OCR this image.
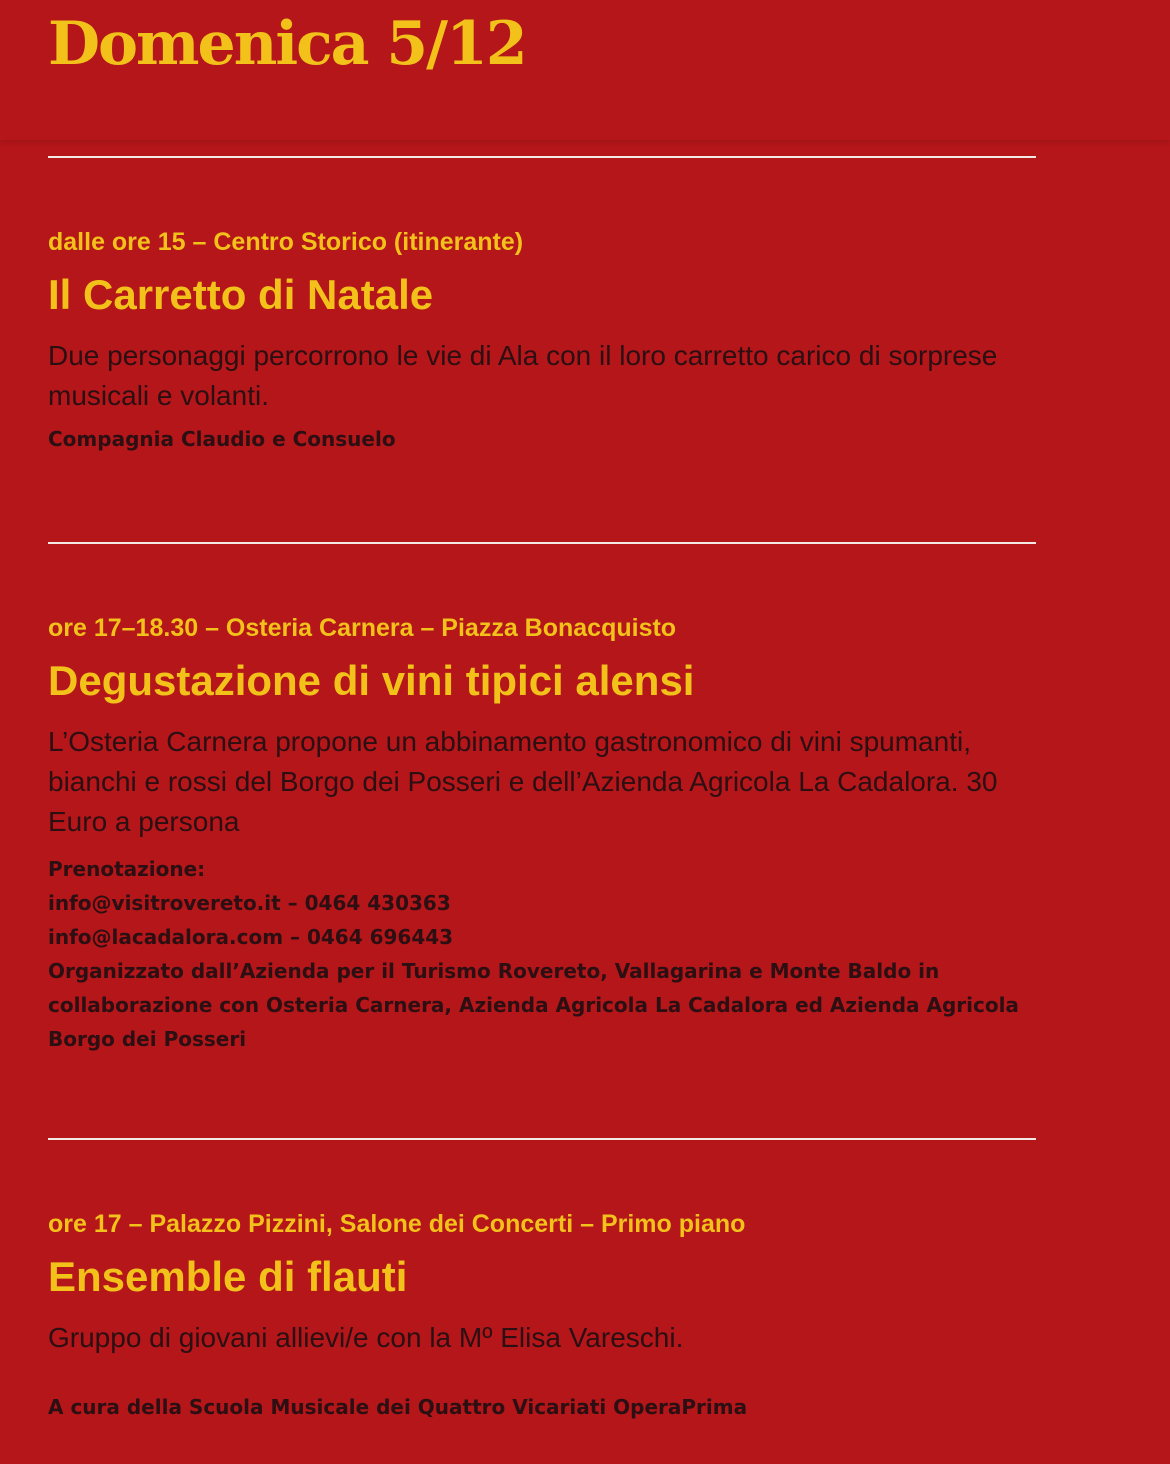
Domenica 5/12

dalle ore 15 – Centro Storico (itinerante)

Il Carretto di Natale

Due personaggi percorrono le vie di Ala con il loro carretto carico di sorprese musicali e volanti.

Compagnia Claudio e Consuelo

ore 17–18.30 – Osteria Carnera – Piazza Bonacquisto

Degustazione di vini tipici alensi

L’Osteria Carnera propone un abbinamento gastronomico di vini spumanti, bianchi e rossi del Borgo dei Posseri e dell’Azienda Agricola La Cadalora. 30 Euro a persona

Prenotazione:
info@visitrovereto.it – 0464 430363
info@lacadalora.com – 0464 696443
Organizzato dall’Azienda per il Turismo Rovereto, Vallagarina e Monte Baldo in collaborazione con Osteria Carnera, Azienda Agricola La Cadalora ed Azienda Agricola Borgo dei Posseri

ore 17 – Palazzo Pizzini, Salone dei Concerti – Primo piano

Ensemble di flauti

Gruppo di giovani allievi/e con la Mº Elisa Vareschi.

A cura della Scuola Musicale dei Quattro Vicariati OperaPrima
